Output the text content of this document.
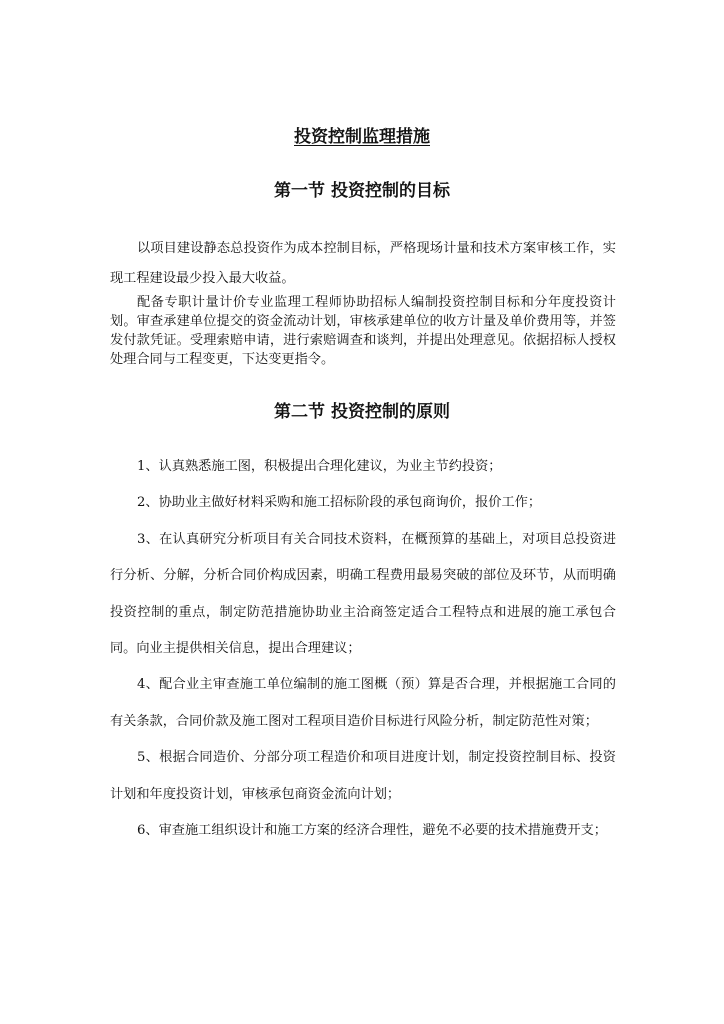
投资控制监理措施
第一节 投资控制的目标

以项目建设静态总投资作为成本控制目标，严格现场计量和技术方案审核工作，实现工程建设最少投入最大收益。

配备专职计量计价专业监理工程师协助招标人编制投资控制目标和分年度投资计划。审查承建单位提交的资金流动计划，审核承建单位的收方计量及单价费用等，并签发付款凭证。受理索赔申请，进行索赔调查和谈判，并提出处理意见。依据招标人授权处理合同与工程变更，下达变更指令。

第二节 投资控制的原则

1、认真熟悉施工图，积极提出合理化建议，为业主节约投资；

2、协助业主做好材料采购和施工招标阶段的承包商询价，报价工作；

3、在认真研究分析项目有关合同技术资料，在概预算的基础上，对项目总投资进行分析、分解，分析合同价构成因素，明确工程费用最易突破的部位及环节，从而明确投资控制的重点，制定防范措施协助业主洽商签定适合工程特点和进展的施工承包合同。向业主提供相关信息，提出合理建议；

4、配合业主审查施工单位编制的施工图概（预）算是否合理，并根据施工合同的有关条款，合同价款及施工图对工程项目造价目标进行风险分析，制定防范性对策；

5、根据合同造价、分部分项工程造价和项目进度计划，制定投资控制目标、投资计划和年度投资计划，审核承包商资金流向计划；

6、审查施工组织设计和施工方案的经济合理性，避免不必要的技术措施费开支；
